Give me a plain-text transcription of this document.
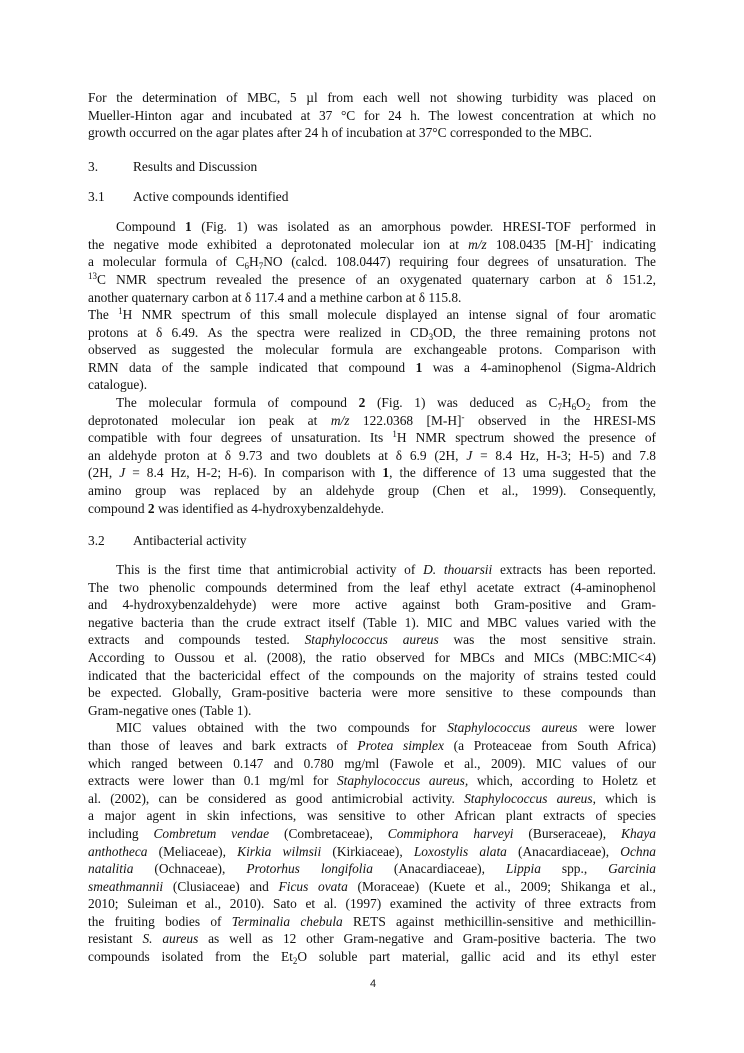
For the determination of MBC, 5 µl from each well not showing turbidity was placed on
Mueller-Hinton agar and incubated at 37 °C for 24 h. The lowest concentration at which no
growth occurred on the agar plates after 24 h of incubation at 37°C corresponded to the MBC.
3.	Results and Discussion
3.1 Active compounds identified
Compound 1 (Fig. 1) was isolated as an amorphous powder. HRESI-TOF performed in
the negative mode exhibited a deprotonated molecular ion at m/z 108.0435 [M-H]- indicating
a molecular formula of $C_6H_7NO$ (calcd. 108.0447) requiring four degrees of unsaturation. The
$^{13}$C NMR spectrum revealed the presence of an oxygenated quaternary carbon at δ 151.2,
another quaternary carbon at δ 117.4 and a methine carbon at δ 115.8.
The $^1$H NMR spectrum of this small molecule displayed an intense signal of four aromatic
protons at δ 6.49. As the spectra were realized in $CD_3OD$, the three remaining protons not
observed as suggested the molecular formula are exchangeable protons. Comparison with
RMN data of the sample indicated that compound 1 was a 4-aminophenol (Sigma-Aldrich
catalogue).
The molecular formula of compound 2 (Fig. 1) was deduced as $C_7H_6O_2$ from the
deprotonated molecular ion peak at m/z 122.0368 [M-H]- observed in the HRESI-MS
compatible with four degrees of unsaturation. Its $^1$H NMR spectrum showed the presence of
an aldehyde proton at δ 9.73 and two doublets at δ 6.9 (2H, J = 8.4 Hz, H-3; H-5) and 7.8
(2H, J = 8.4 Hz, H-2; H-6). In comparison with 1, the difference of 13 uma suggested that the
amino group was replaced by an aldehyde group (Chen et al., 1999). Consequently,
compound 2 was identified as 4-hydroxybenzaldehyde.
3.2 Antibacterial activity
This is the first time that antimicrobial activity of D. thouarsii extracts has been reported.
The two phenolic compounds determined from the leaf ethyl acetate extract (4-aminophenol
and 4-hydroxybenzaldehyde) were more active against both Gram-positive and Gram-
negative bacteria than the crude extract itself (Table 1). MIC and MBC values varied with the
extracts and compounds tested. Staphylococcus aureus was the most sensitive strain.
According to Oussou et al. (2008), the ratio observed for MBCs and MICs (MBC:MIC<4)
indicated that the bactericidal effect of the compounds on the majority of strains tested could
be expected. Globally, Gram-positive bacteria were more sensitive to these compounds than
Gram-negative ones (Table 1).
MIC values obtained with the two compounds for Staphylococcus aureus were lower
than those of leaves and bark extracts of Protea simplex (a Proteaceae from South Africa)
which ranged between 0.147 and 0.780 mg/ml (Fawole et al., 2009). MIC values of our
extracts were lower than 0.1 mg/ml for Staphylococcus aureus, which, according to Holetz et
al. (2002), can be considered as good antimicrobial activity. Staphylococcus aureus, which is
a major agent in skin infections, was sensitive to other African plant extracts of species
including Combretum vendae (Combretaceae), Commiphora harveyi (Burseraceae), Khaya
anthotheca (Meliaceae), Kirkia wilmsii (Kirkiaceae), Loxostylis alata (Anacardiaceae), Ochna
natalitia (Ochnaceae), Protorhus longifolia (Anacardiaceae), Lippia spp., Garcinia
smeathmannii (Clusiaceae) and Ficus ovata (Moraceae) (Kuete et al., 2009; Shikanga et al.,
2010; Suleiman et al., 2010). Sato et al. (1997) examined the activity of three extracts from
the fruiting bodies of Terminalia chebula RETS against methicillin-sensitive and methicillin-
resistant S. aureus as well as 12 other Gram-negative and Gram-positive bacteria. The two
compounds isolated from the $Et_2O$ soluble part material, gallic acid and its ethyl ester
4
